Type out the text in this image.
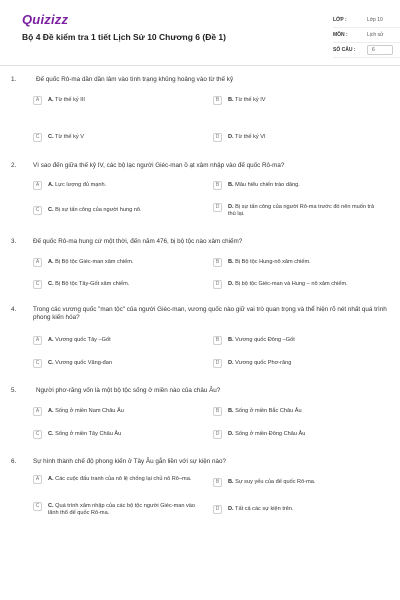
Quizizz
Bộ 4 Đề kiểm tra 1 tiết Lịch Sử 10 Chương 6 (Đề 1)
LỚP :	Lớp 10
MÔN :	Lịch sử
SỐ CÂU :	6
1.	Đế quốc Rô-ma dần dần lâm vào tình trạng khủng hoảng vào từ thế kỷ
A	A. Từ thế kỷ III	B	B. Từ thế kỷ IV
C	C. Từ thế kỷ V	D	D. Từ thế kỷ VI
2.	Vì sao đến giữa thế kỷ IV, các bộ lạc người Giéc-man ồ ạt xâm nhập vào đế quốc Rô-ma?
A	A. Lực lượng đủ mạnh.	B	B. Mâu hiểu chiến trào dâng.
C	C. Bị sự tấn công của người hung nô.	D	D. Bị sự tấn công của người Rô-ma trước đó nên muốn trả thù lại.
3.	Đế quốc Rô-ma hung cứ một thời, đến năm 476, bị bộ tộc nào xâm chiếm?
A	A. Bị Bộ tộc Giéc-man xâm chiếm.	B	B. Bị Bộ tộc Hung-nô xâm chiếm.
C	C. Bị Bộ tộc Tây-Gốt xâm chiếm.	D	D. Bị bộ tộc Giéc-man và Hung – nô xâm chiếm.
4.	Trong các vương quốc "man tộc" của người Giéc-man, vương quốc nào giữ vai trò quan trọng và thể hiện rõ nét nhất quá trình phong kiến hóa?
A	A. Vương quốc Tây –Gốt	B	B. Vương quốc Đông –Gốt
C	C. Vương quốc Văng-đan	D	D. Vương quốc Phơ-răng
5.	Người phơ-răng vốn là một bộ tộc sống ở miền nào của châu Âu?
A	A. Sống ở miền Nam Châu Âu	B	B. Sống ở miền Bắc Châu Âu
C	C. Sống ở miền Tây Châu Âu	D	D. Sống ở miền Đông Châu Âu
6.	Sự hình thành chế độ phong kiến ở Tây Âu gắn liền với sự kiện nào?
A	A. Các cuộc đấu tranh của nô lệ chống lại chủ nô Rô–ma.	B	B. Sự suy yếu của đế quốc Rô-ma.
C	C. Quá trình xâm nhập của các bộ tộc người Giéc-man vào lãnh thổ đế quốc Rô-ma.
D	D. Tất cả các sự kiện trên.
